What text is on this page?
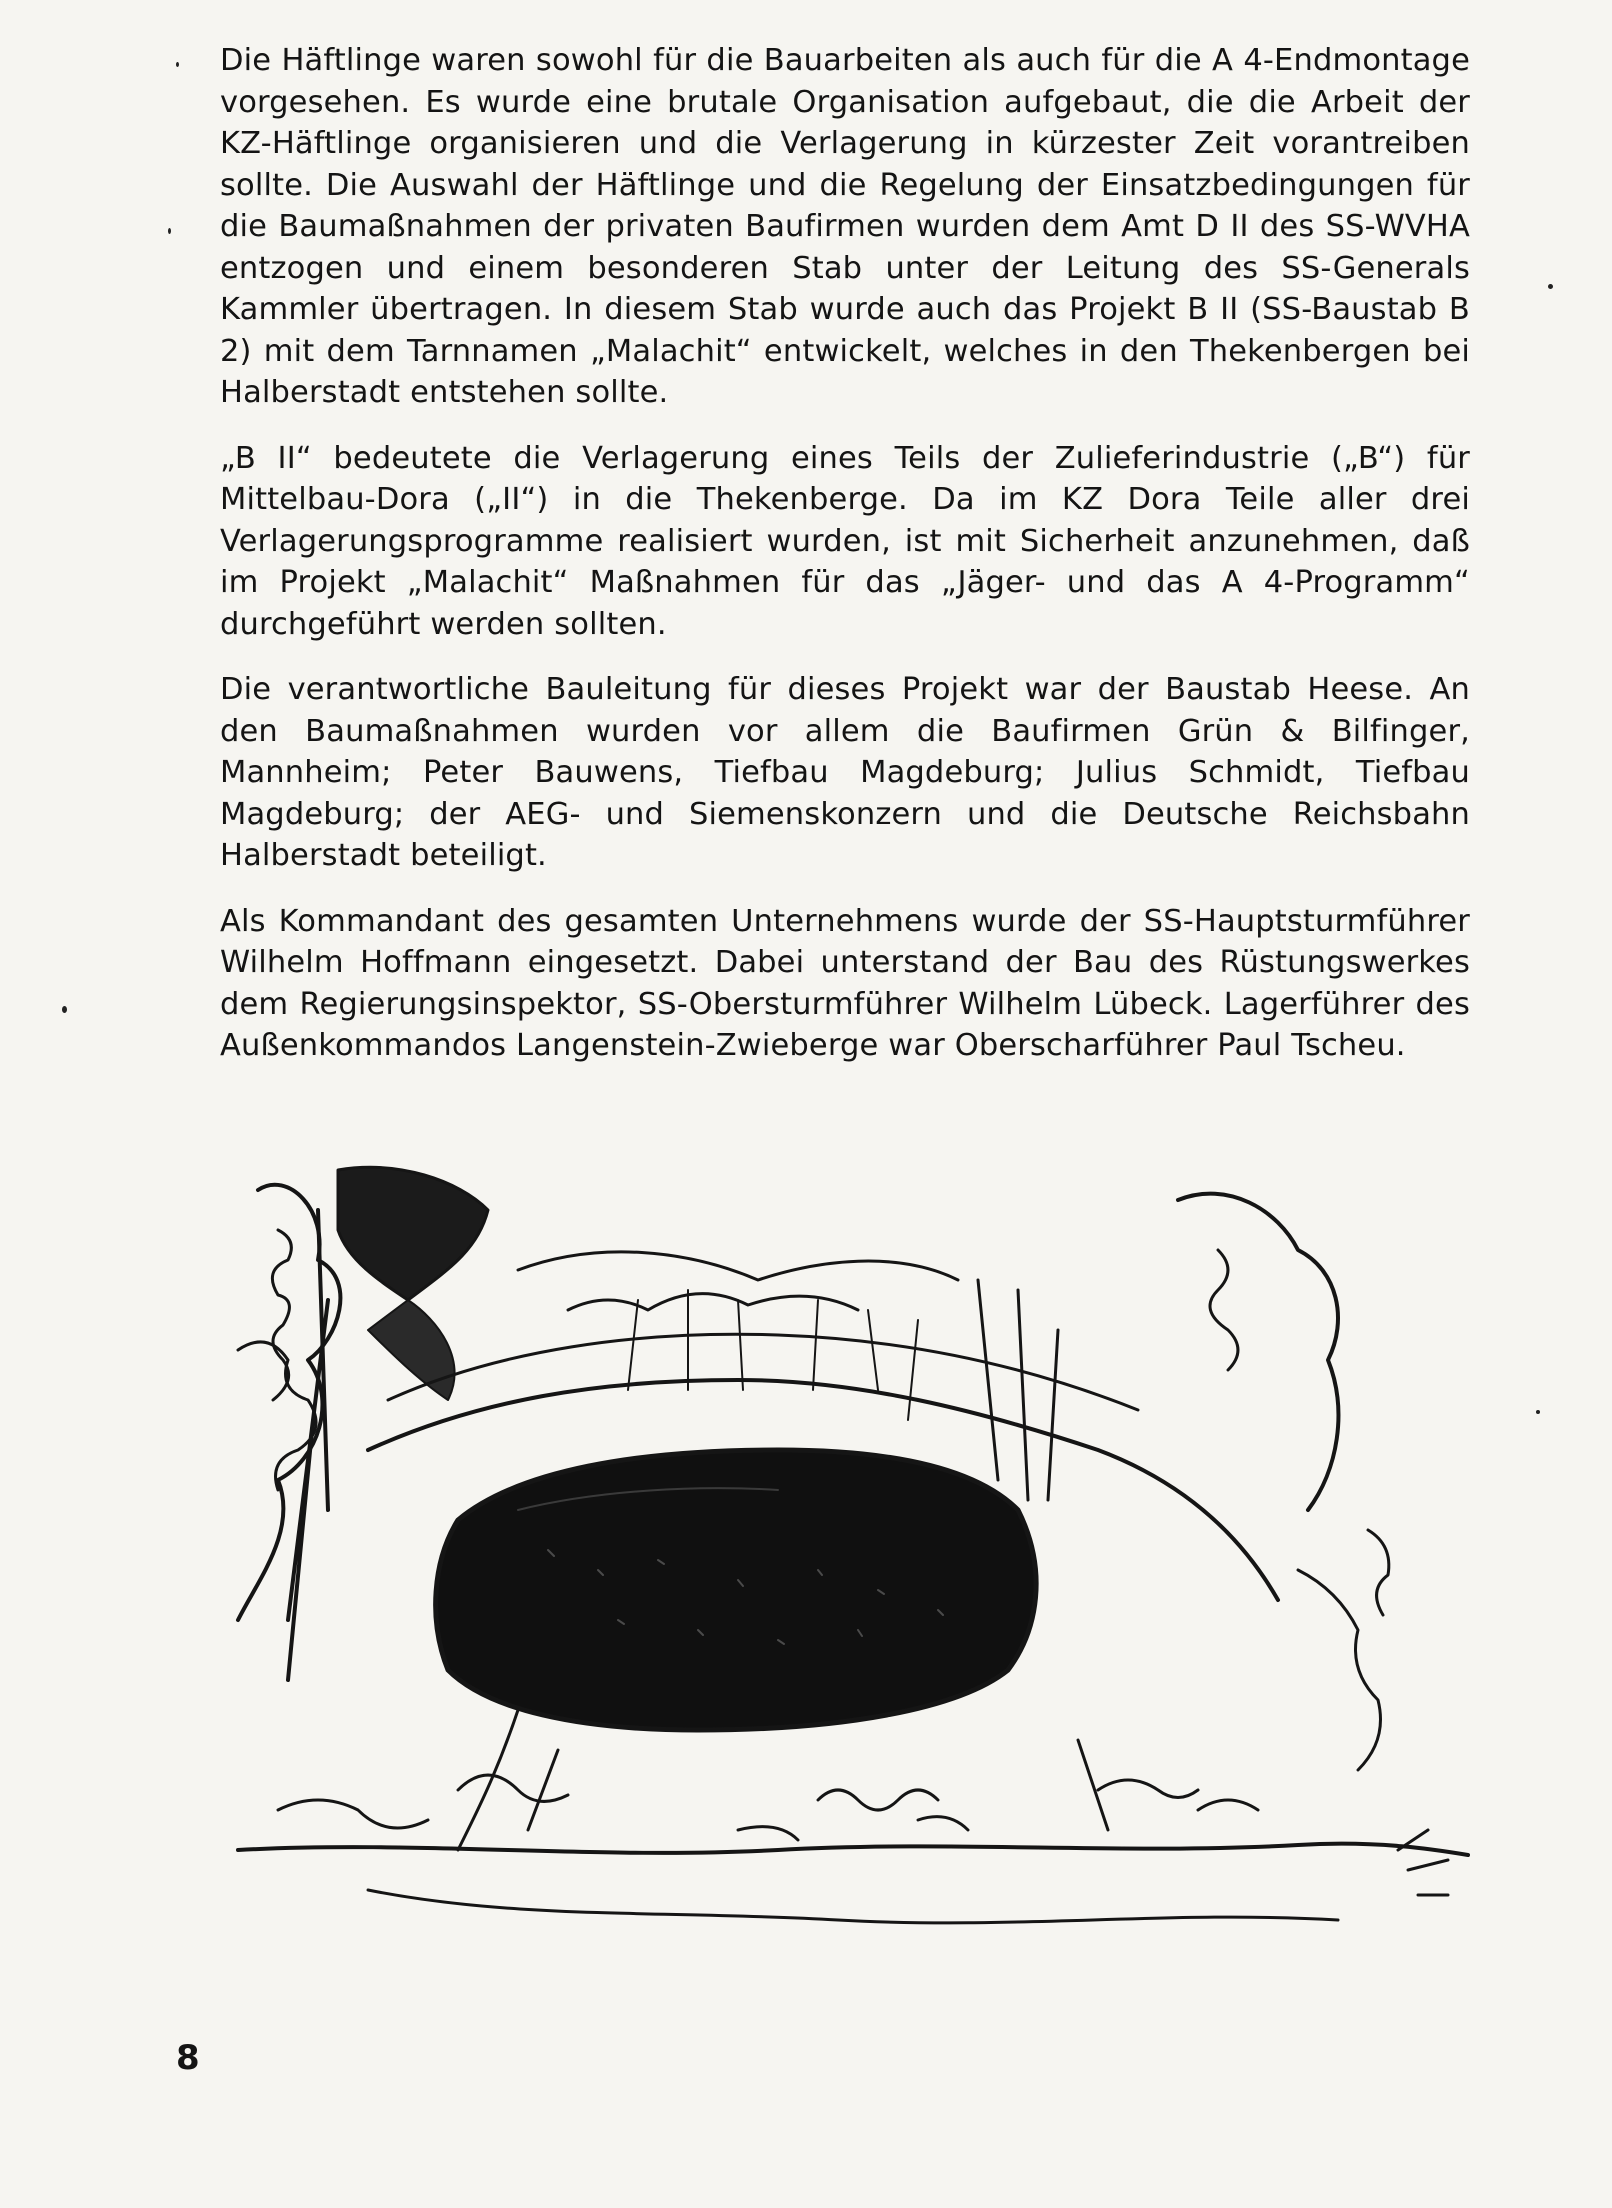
Die Häftlinge waren sowohl für die Bauarbeiten als auch für die A 4-Endmontage vorgesehen. Es wurde eine brutale Organisation aufgebaut, die die Arbeit der KZ-Häftlinge organisieren und die Verlagerung in kürzester Zeit vorantreiben sollte. Die Auswahl der Häftlinge und die Regelung der Einsatzbedingungen für die Baumaßnahmen der privaten Baufirmen wurden dem Amt D II des SS-WVHA entzogen und einem besonderen Stab unter der Leitung des SS-Generals Kammler übertragen. In diesem Stab wurde auch das Projekt B II (SS-Baustab B 2) mit dem Tarnnamen „Malachit“ entwickelt, welches in den Thekenbergen bei Halberstadt entstehen sollte.

„B II“ bedeutete die Verlagerung eines Teils der Zulieferindustrie („B“) für Mittelbau-Dora („II“) in die Thekenberge. Da im KZ Dora Teile aller drei Verlagerungsprogramme realisiert wurden, ist mit Sicherheit anzunehmen, daß im Projekt „Malachit“ Maßnahmen für das „Jäger- und das A 4-Programm“ durchgeführt werden sollten.

Die verantwortliche Bauleitung für dieses Projekt war der Baustab Heese. An den Baumaßnahmen wurden vor allem die Baufirmen Grün & Bilfinger, Mannheim; Peter Bauwens, Tiefbau Magdeburg; Julius Schmidt, Tiefbau Magdeburg; der AEG- und Siemenskonzern und die Deutsche Reichsbahn Halberstadt beteiligt.

Als Kommandant des gesamten Unternehmens wurde der SS-Hauptsturmführer Wilhelm Hoffmann eingesetzt. Dabei unterstand der Bau des Rüstungswerkes dem Regierungsinspektor, SS-Obersturmführer Wilhelm Lübeck. Lagerführer des Außenkommandos Langenstein-Zwieberge war Oberscharführer Paul Tscheu.

8
